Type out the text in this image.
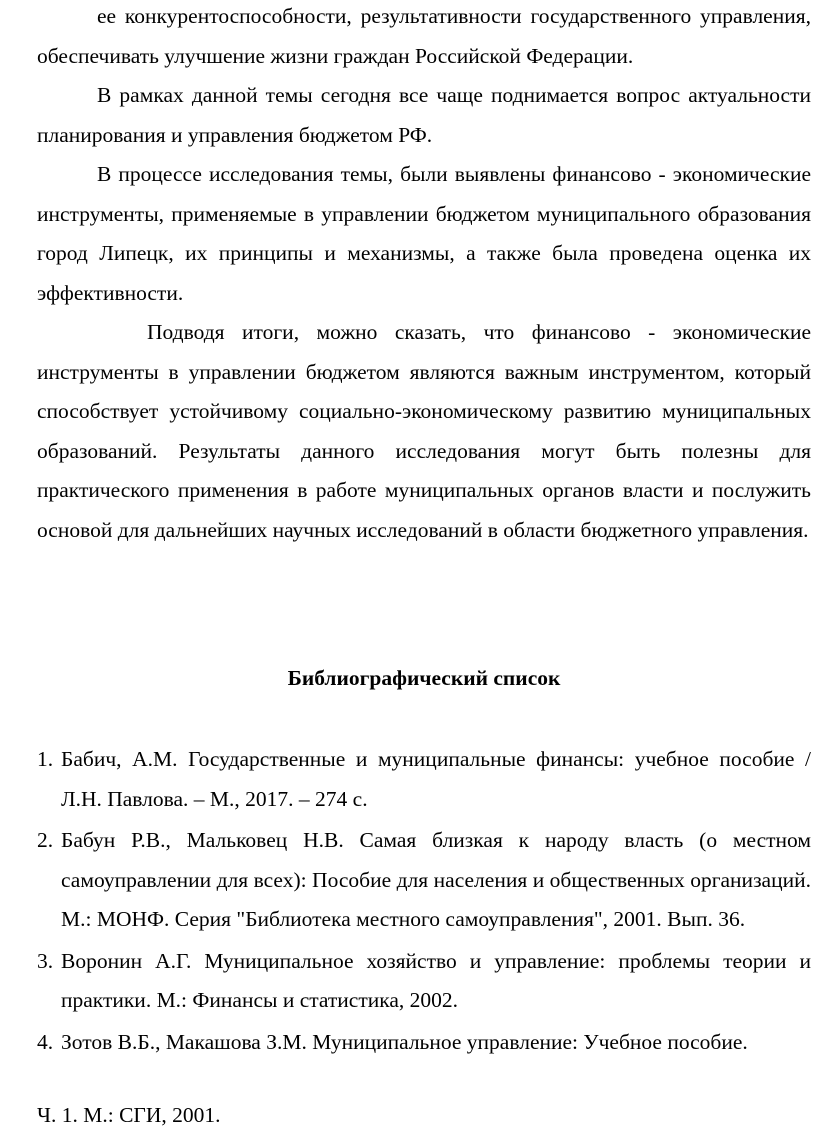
ее конкурентоспособности, результативности государственного управления, обеспечивать улучшение жизни граждан Российской Федерации.

В рамках данной темы сегодня все чаще поднимается вопрос актуальности планирования и управления бюджетом РФ.

В процессе исследования темы, были выявлены финансово - экономические инструменты, применяемые в управлении бюджетом муниципального образования город Липецк, их принципы и механизмы, а также была проведена оценка их эффективности.

Подводя итоги, можно сказать, что финансово - экономические инструменты в управлении бюджетом являются важным инструментом, который способствует устойчивому социально-экономическому развитию муниципальных образований. Результаты данного исследования могут быть полезны для практического применения в работе муниципальных органов власти и послужить основой для дальнейших научных исследований в области бюджетного управления.

Библиографический список
1. Бабич, А.М. Государственные и муниципальные финансы: учебное пособие / Л.Н. Павлова. – М., 2017. – 274 с.
2. Бабун Р.В., Мальковец Н.В. Самая близкая к народу власть (о местном самоуправлении для всех): Пособие для населения и общественных организаций. М.: МОНФ. Серия "Библиотека местного самоуправления", 2001. Вып. 36.
3. Воронин А.Г. Муниципальное хозяйство и управление: проблемы теории и практики. М.: Финансы и статистика, 2002.
4. Зотов В.Б., Макашова З.М. Муниципальное управление: Учебное пособие.

Ч. 1. М.: СГИ, 2001.
